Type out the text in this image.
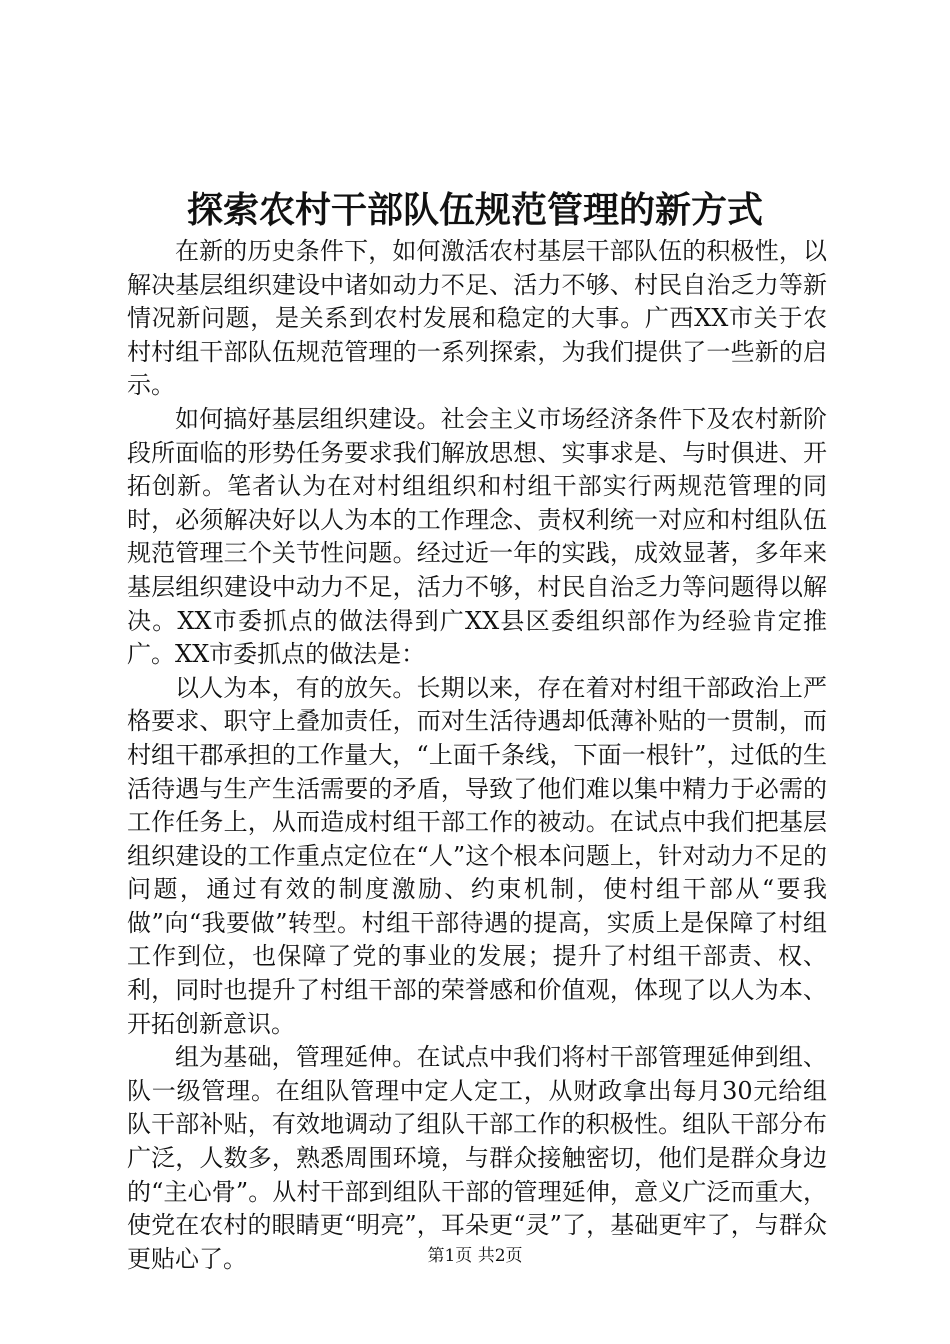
探索农村干部队伍规范管理的新方式

在新的历史条件下，如何激活农村基层干部队伍的积极性，以解决基层组织建设中诸如动力不足、活力不够、村民自治乏力等新情况新问题，是关系到农村发展和稳定的大事。广西XX市关于农村村组干部队伍规范管理的一系列探索，为我们提供了一些新的启示。

如何搞好基层组织建设。社会主义市场经济条件下及农村新阶段所面临的形势任务要求我们解放思想、实事求是、与时俱进、开拓创新。笔者认为在对村组组织和村组干部实行两规范管理的同时，必须解决好以人为本的工作理念、责权利统一对应和村组队伍规范管理三个关节性问题。经过近一年的实践，成效显著，多年来基层组织建设中动力不足，活力不够，村民自治乏力等问题得以解决。XX市委抓点的做法得到广XX县区委组织部作为经验肯定推广。XX市委抓点的做法是：

以人为本，有的放矢。长期以来，存在着对村组干部政治上严格要求、职守上叠加责任，而对生活待遇却低薄补贴的一贯制，而村组干郡承担的工作量大，“上面千条线，下面一根针”，过低的生活待遇与生产生活需要的矛盾，导致了他们难以集中精力于必需的工作任务上，从而造成村组干部工作的被动。在试点中我们把基层组织建设的工作重点定位在“人”这个根本问题上，针对动力不足的问题，通过有效的制度激励、约束机制，使村组干部从“要我做”向“我要做”转型。村组干部待遇的提高，实质上是保障了村组工作到位，也保障了党的事业的发展；提升了村组干部责、权、利，同时也提升了村组干部的荣誉感和价值观，体现了以人为本、开拓创新意识。

组为基础，管理延伸。在试点中我们将村干部管理延伸到组、队一级管理。在组队管理中定人定工，从财政拿出每月30元给组队干部补贴，有效地调动了组队干部工作的积极性。组队干部分布广泛，人数多，熟悉周围环境，与群众接触密切，他们是群众身边的“主心骨”。从村干部到组队干部的管理延伸，意义广泛而重大，使党在农村的眼睛更“明亮”，耳朵更“灵”了，基础更牢了，与群众更贴心了。	第1页 共2页
